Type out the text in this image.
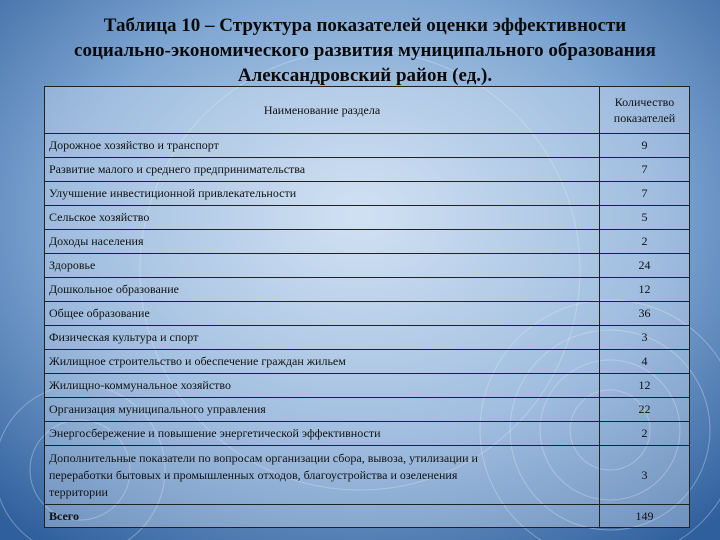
Таблица 10 – Структура показателей оценки эффективности
социально-экономического развития муниципального образования
Александровский район (ед.).
Наименование раздела	Количество
показателей

Дорожное хозяйство и транспорт	9
Развитие малого и среднего предпринимательства	7
Улучшение инвестиционной привлекательности	7
Сельское хозяйство	5
Доходы населения	2
Здоровье	24
Дошкольное образование	12
Общее образование	36
Физическая культура и спорт	3
Жилищное строительство и обеспечение граждан жильем	4
Жилищно-коммунальное хозяйство	12
Организация муниципального управления	22
Энергосбережение и повышение энергетической эффективности	2

Дополнительные показатели по вопросам организации сбора, вывоза, утилизации и
переработки бытовых и промышленных отходов, благоустройства и озеленения
территории	3
Всего	149
